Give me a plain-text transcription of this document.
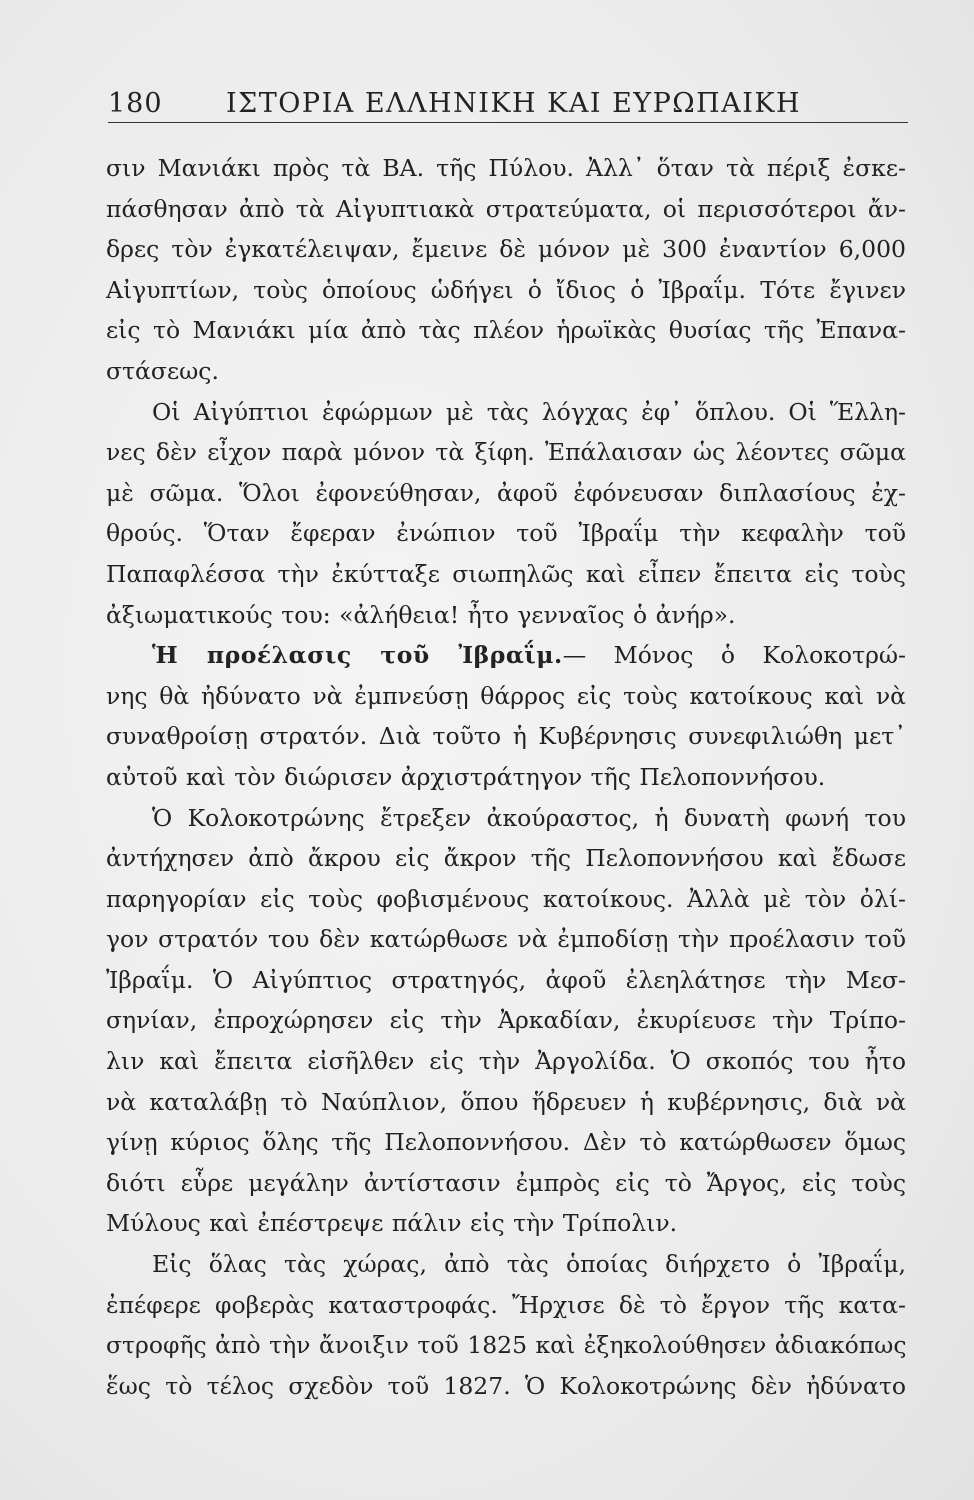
180 ΙΣΤΟΡΙΑ ΕΛΛΗΝΙΚΗ ΚΑΙ ΕΥΡΩΠΑΙΚΗ
σιν Μανιάκι πρὸς τὰ ΒΑ. τῆς Πύλου. Ἀλλ᾽ ὅταν τὰ πέριξ ἐσκε-
πάσθησαν ἀπὸ τὰ Αἰγυπτιακὰ στρατεύματα, οἱ περισσότεροι ἄν-
δρες τὸν ἐγκατέλειψαν, ἔμεινε δὲ μόνον μὲ 300 ἐναντίον 6,000
Αἰγυπτίων, τοὺς ὁποίους ὡδήγει ὁ ἴδιος ὁ Ἰβραΐμ. Τότε ἔγινεν
εἰς τὸ Μανιάκι μία ἀπὸ τὰς πλέον ἡρωϊκὰς θυσίας τῆς Ἐπανα-
στάσεως.
Οἱ Αἰγύπτιοι ἐφώρμων μὲ τὰς λόγχας ἐφ᾽ ὅπλου. Οἱ Ἕλλη-
νες δὲν εἶχον παρὰ μόνον τὰ ξίφη. Ἐπάλαισαν ὡς λέοντες σῶμα
μὲ σῶμα. Ὅλοι ἐφονεύθησαν, ἀφοῦ ἐφόνευσαν διπλασίους ἐχ-
θρούς. Ὅταν ἔφεραν ἐνώπιον τοῦ Ἰβραΐμ τὴν κεφαλὴν τοῦ
Παπαφλέσσα τὴν ἐκύτταξε σιωπηλῶς καὶ εἶπεν ἔπειτα εἰς τοὺς
ἀξιωματικούς του: «ἀλήθεια! ἦτο γενναῖος ὁ ἀνήρ».
Ἡ προέλασις τοῦ Ἰβραΐμ.— Μόνος ὁ Κολοκοτρώ-
νης θὰ ἠδύνατο νὰ ἐμπνεύσῃ θάρρος εἰς τοὺς κατοίκους καὶ νὰ
συναθροίσῃ στρατόν. Διὰ τοῦτο ἡ Κυβέρνησις συνεφιλιώθη μετ᾽
αὐτοῦ καὶ τὸν διώρισεν ἀρχιστράτηγον τῆς Πελοποννήσου.
Ὁ Κολοκοτρώνης ἔτρεξεν ἀκούραστος, ἡ δυνατὴ φωνή του
ἀντήχησεν ἀπὸ ἄκρου εἰς ἄκρον τῆς Πελοποννήσου καὶ ἔδωσε
παρηγορίαν εἰς τοὺς φοβισμένους κατοίκους. Ἀλλὰ μὲ τὸν ὀλί-
γον στρατόν του δὲν κατώρθωσε νὰ ἐμποδίσῃ τὴν προέλασιν τοῦ
Ἰβραΐμ. Ὁ Αἰγύπτιος στρατηγός, ἀφοῦ ἐλεηλάτησε τὴν Μεσ-
σηνίαν, ἐπροχώρησεν εἰς τὴν Ἀρκαδίαν, ἐκυρίευσε τὴν Τρίπο-
λιν καὶ ἔπειτα εἰσῆλθεν εἰς τὴν Ἀργολίδα. Ὁ σκοπός του ἦτο
νὰ καταλάβῃ τὸ Ναύπλιον, ὅπου ἥδρευεν ἡ κυβέρνησις, διὰ νὰ
γίνῃ κύριος ὅλης τῆς Πελοποννήσου. Δὲν τὸ κατώρθωσεν ὅμως
διότι εὗρε μεγάλην ἀντίστασιν ἐμπρὸς εἰς τὸ Ἄργος, εἰς τοὺς
Μύλους καὶ ἐπέστρεψε πάλιν εἰς τὴν Τρίπολιν.
Εἰς ὅλας τὰς χώρας, ἀπὸ τὰς ὁποίας διήρχετο ὁ Ἰβραΐμ,
ἐπέφερε φοβερὰς καταστροφάς. Ἤρχισε δὲ τὸ ἔργον τῆς κατα-
στροφῆς ἀπὸ τὴν ἄνοιξιν τοῦ 1825 καὶ ἐξηκολούθησεν ἀδιακόπως
ἕως τὸ τέλος σχεδὸν τοῦ 1827. Ὁ Κολοκοτρώνης δὲν ἠδύνατο
